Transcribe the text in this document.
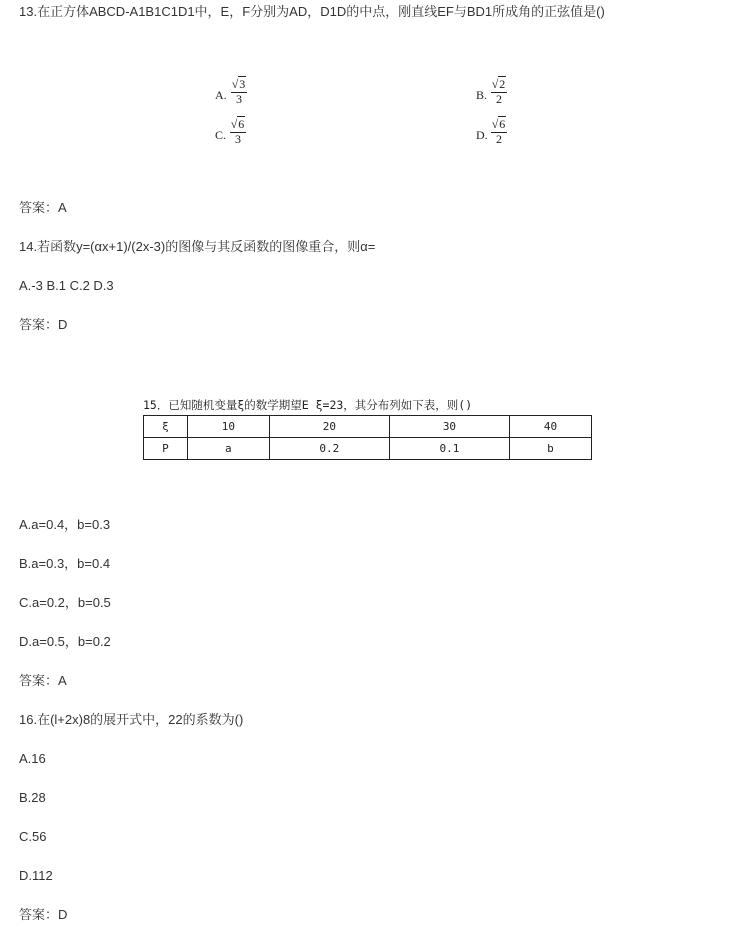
13.在正方体ABCD-A1B1C1D1中，E，F分别为AD，D1D的中点，刚直线EF与BD1所成角的正弦值是()
A.
√3
3	B.
√2
2
C.
√6
3	D.
√6
2
答案：A
14.若函数y=(αx+1)/(2x-3)的图像与其反函数的图像重合，则α=
A.-3 B.1 C.2 D.3
答案：D
15．已知随机变量ξ的数学期望E ξ=23，其分布列如下表，则()
ξ	10	20	30	40
P	a	0.2	0.1	b
A.a=0.4，b=0.3
B.a=0.3，b=0.4
C.a=0.2，b=0.5
D.a=0.5，b=0.2
答案：A
16.在(l+2x)8的展开式中，22的系数为()
A.16
B.28
C.56
D.112
答案：D
